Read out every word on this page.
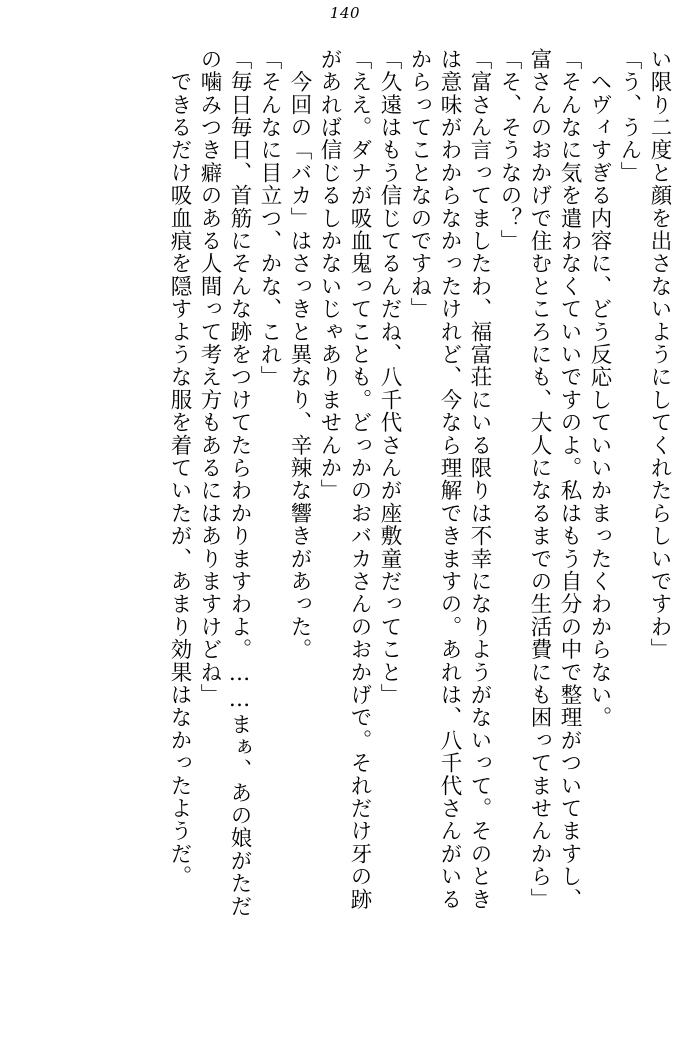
140
い限り二度と顔を出さないようにしてくれたらしいですわ」
「う、うん」
　ヘヴィすぎる内容に、どう反応していいかまったくわからない。
「そんなに気を遣わなくていいですのよ。私はもう自分の中で整理がついてますし、
富さんのおかげで住むところにも、大人になるまでの生活費にも困ってませんから」
「そ、そうなの？」
「富さん言ってましたわ、福富荘にいる限りは不幸になりようがないって。そのとき
は意味がわからなかったけれど、今なら理解できますの。あれは、八千代さんがいる
からってことなのですね」
「久遠はもう信じてるんだね、八千代さんが座敷童だってこと」
「ええ。ダナが吸血鬼ってことも。どっかのおバカさんのおかげで。それだけ牙の跡
があれば信じるしかないじゃありませんか」
　今回の「バカ」はさっきと異なり、辛辣な響きがあった。
「そんなに目立つ、かな、これ」
「毎日毎日、首筋にそんな跡をつけてたらわかりますわよ。……まぁ、あの娘がただ
の噛みつき癖のある人間って考え方もあるにはありますけどね」
　できるだけ吸血痕を隠すような服を着ていたが、あまり効果はなかったようだ。
